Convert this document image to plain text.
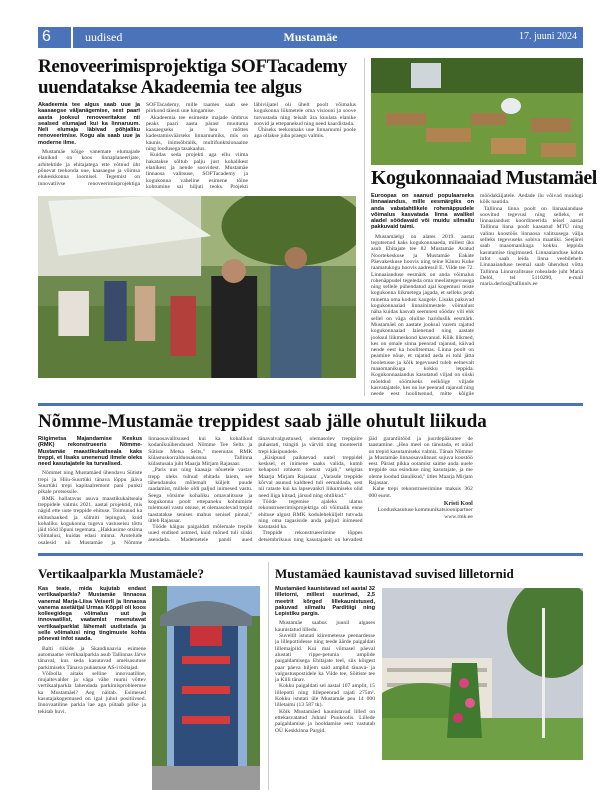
6	uudised	Mustamäe	17. juuni 2024
Renoveerimisprojektiga SOFTacademy uuendatakse Akadeemia tee algus

Akadeemia tee algus saab uue ja kaasaegse väljanägemise, sest paari aasta jooksul renoveeritakse nii sealsed elumajad kui ka linnaruum. Neli elumaja läbivad põhjaliku renoveerimise. Kogu ala saab uue ja moderne ilme.

Mustamäe kõige vanemate elumajade elanikud on koos linnaplaneerijate, arhitektide ja ehitajatega ette võtnud üht põnevat teekonda uue, kaasaegse ja võimsa elukeskkonna loomisel. Tegemist on innovatiivse renoveerimisprojektiga SOFTacademy, mille raames saab see piirkond täiesti uue hingamise.

Akadeemia tee esimeste majade ümbrus peaks paari aasta pärast muutuma kaasaegseks ja hea mõttes kadestamisväärseks linnaruumiks, mis on kaunis, inimsõbralik, multifunktsionaalne ning loodusega tasakaalus.

Kuidas seda projekti aga ellu viima hakatakse sõltub palju just kohalikest elanikest ja nende soovidest. Mustamäe linnaosa valitsuse, SOFTacademy ja kogukonna vaheline esimene tõine kohtumine sai hiljuti teoks. Projekti läbiviijatel oli ühelt poolt võimalus kogukonna liikmetele oma visiooni ja soove tutvustada ning teisalt ära kuulata elanike soovid ja ettepanekud ning need kaardistada.

Ühiseks teekonnaks uue linnaruumi poole aga ollakse juba praegu valmis.

Kogukonnaaiad Mustamäel

Euroopas on saanud populaarseks linnaaiandus, mille eesmärgiks on anda vabatahtlikele rohenäppudele võimalus kasvatada linna avalikel aladel söödavaid või muidu silmailu pakkuvaid taimi.

Mustamäelgi on alates 2019. aastat tegutsenud kaks kogukonnaaeda, millest üks asub Ehitajate tee 82 Mustamäe Avatud Noortekeskuse ja Mustamäe Eakate Päevakeskuse hoovis ning teine Kännu Kuke raamatukogu hoovis aadressil E. Vilde tee 72. Linnaaianduse eesmärk on anda võimalus rohenäppudel tegeleda oma meelistegevusega ning sellele pühendatud ajal kogemusi teiste kogukonna liikmetega jagada, et selleks peab minema oma kodust kaugele. Lisaks pakuvad kogukonnaaiad linnainimestele võimalust näha kuidas kasvab seemnest söödav vili ehk sellel on väga oluline hariduslik eesmärk. Mustamäel on aastate jooksul varem rajatud kogukonnaaiad laienenud ning aastate jooksul liikmeskond kasvanud. Kõik liikmed, kes on omale sinna peenrad rajanud, käivad nende eest ka hoolitsemas. Linna poolt on peamine nõue, et rajatud aeda ei tohi jätta hooletusse ja kõik tegevused tuleb eelnevalt maaomanikuga kokku leppida. Kogukonnaaiandus kasutatud viljad on siiski mõeldud söömiseks eelkõige viljade kasvatajatele, kes on ise peenrad rajanud ning neede eest hoolitsenud, mitte kõigile möödakäijatele. Aedade ilu võivad muidugi kõik nautida.

Tallinna linna poolt on linnaaianduse soovitud tegevusi ning selleks, et linnaaiandust koordineerida teisel aastal Tallinna linna poolt kaasatud MTÜ ning valinu koostöös linnaosa valitsusega välja selleks tegevuseks sobiva maatüki. Seejärel saab maaomanikuga kokku leppida kasutamise tingimused. Linnaaianduse kohta infot saab leida linna veebilehelt. Linnaaianduse teemal saab ühendust võtta Tallinna Linnavalitsuse rohealade juht Maria Delöl, tel 5110290, e-mail maria.derlos@tallinnlv.ee

Nõmme-Mustamäe treppidest saab jälle ohutult liikuda

Riigimetsa Majandamise Keskus (RMK) rekonstrueeris Nõmme-Mustamäe maastikukaitseala kaks treppi, et lisaks unenenud ilmele oleks need kasutajatele ka turvalised.

Nõmmet ning Mustamäed ühendavu Sütiste trepi ja Hiiu-Suurtüki tänava lõppu jääva Suurtüki trepi kapitaalremont pani punkti pikale protsessile.

RMK hallatavas asuva maastikukaitseala treppidele valmis 2021. aastal projektid, mis nägid ette uute treppide ehituse. Toimunud ka ehitushanked ja sõlmiti lepingud, kuid kohaliku kogukonna tugeva vastuseisu tõttu jäid tööd lõpuni tegemata. „Hakkasime otsima võimalusi, kuidas edasi minna. Arutelude osalesid nii Mustamäe ja Nõmme linnaosavalitsused kui ka kohalikud kodanikuühendused Nõmme Tee Selts ja Sütiste Metsa Selts," meenutas RMK külastuskorralduosakonna Tallinna külastusala juht Maarja Mirjam Rajasaar.

„Paris uus ning kaasaja nõuetele vastav trepp oleks tulnud ehitada laiem, see tähendanuks mõlemalt küljelt puude raadamist, millele oldi paljud inimesed vastu. Seega võtsime kohaliku omavalitsuse ja kogukonna poolt ettepaneku kohtumiste tulemusel vastu otsuse, et olemasolevad trepid taastatakse senises mahus senisel pinnal," ütleb Rajasaar.

Tööde käigus paigaldati mõlemale trepile uued endised astmed, kuid mõned tuli siiski asendada. Mademetele pandi uued tänavalvalgustused, olemasolev trepipiire puhastati, tsingiti ja värviti ning monteeriti trepi käsipuudele.

„Kisipuud paiknevad uutel treppidel kesksel, et inimene saaks valida, kumb kehapool rohkem toetust vajab," selgitas Maarja Mirjam Rajasaar. „Varasde treppide kõrval asunud kaldteed tuli eemaldada, sest nii rataste kui ka lapsevankri liikumiseks olid need liiga kitsad, järsud ning ohtlikud."

Tööde tegemise ajaleks ulatus rekonstrueerimisprojektiga oli võimalik enne ehituse algust RMK koduleheküljelt tutvuda ning oma tagasiside anda paljud inimesed kasutasid ka.

Treppide rekonstrueerimine lõppes detsembrikuus ning kasutajatelt on kevadest jäid garantiitööd ja juurdepääsutee de taastamine. „Hea meel on tänutada, et nüüd on trepid kasutamiseks valmis. Tänan Nõmme ja Mustamäe linnaosavalitsust sujuva koostöö eest. Pärast pikka ootamist saime anda uuele treppide osa esinduse ning kasutajate, ja me oleme loodud tänulikud," ütles Maarja Mirjam Rajasaar.

Kahe trepi rekonstrueerimine maksis 362 000 eurot.

Kristi Kool
Looduskasutuse kommunikatsioonipartner
www.rmk.ee
Vertikaalparkla Mustamäele?

Kas teate, mida kujutab endast vertikaalparkla? Mustamäe linnaosa vanemal Marja-Liisa Veiserll ja linnaosa vanema asetäitjal Urmas Kõppil oli koos kolleegidega võimalus uut ja innovaatilist, vaatamist meenutavat vertikaalparklat lähemalt uudistada ja selle võimalusi ning tingimuste kohta põnevat infot saada.

Balti riikide ja Skandinaavia esimene automaatne vertikaalparkla asub Tallinnas Järve tänaval, kus seda kasutavad ameisasutuse parkimiseks Tänava puhastuse AS-i töötajad.

Võibolla aitaks selline innovaatiline, mujaltevalder ja väga vähe ruumi võttev vertikaalparkla lahendada parkimisprobleemse ka Mustamäel? Aeg näitab. Esimesed kasutajakogemused on igal juhul positiivsed. Innovaatiline parkla lae aga pütaab pilke ja tekitab huvi.

Mustamäed kaunistavad suvised lilletornid

Mustamäed kaunistavad sel aastal 32 lilletorni, millest suurimad, 2,5 meetrit kõrged lillekaunistused, pakuvad silmailu Parditiigi ning Lepistiku pargis.

Mustamäe saabus juunil algases kaunistatud lilledu.

Suvelill istutati kiiremetesse peenardesse ja lillepottidesse ning teede äärde paigaldati lillemajpild. Kui mai viimasel päeval alustati rippe-petunia amplide paigaldamisega Ehitajate teel, siis kõigest paar päeva hiljem said amplid tänava- ja valgustuspostidele ka Vilde tee, Sõitiste tee ja Kiili tänav.

Kokku paigaldati sel aastal 107 amplit, 15 lillepotti ning lillepeenrad rajati 275m². Kokku istutati üle Mustamäe pea 14 000 lilletaimi (13 587 tk).

Kõik Mustamäed kaunistavad lilled on ettekasvatatud Juhani Puukoolis. Lillede paigaldamise ja hooldamise eest vastutab OÜ Keskkinna Pargid.
